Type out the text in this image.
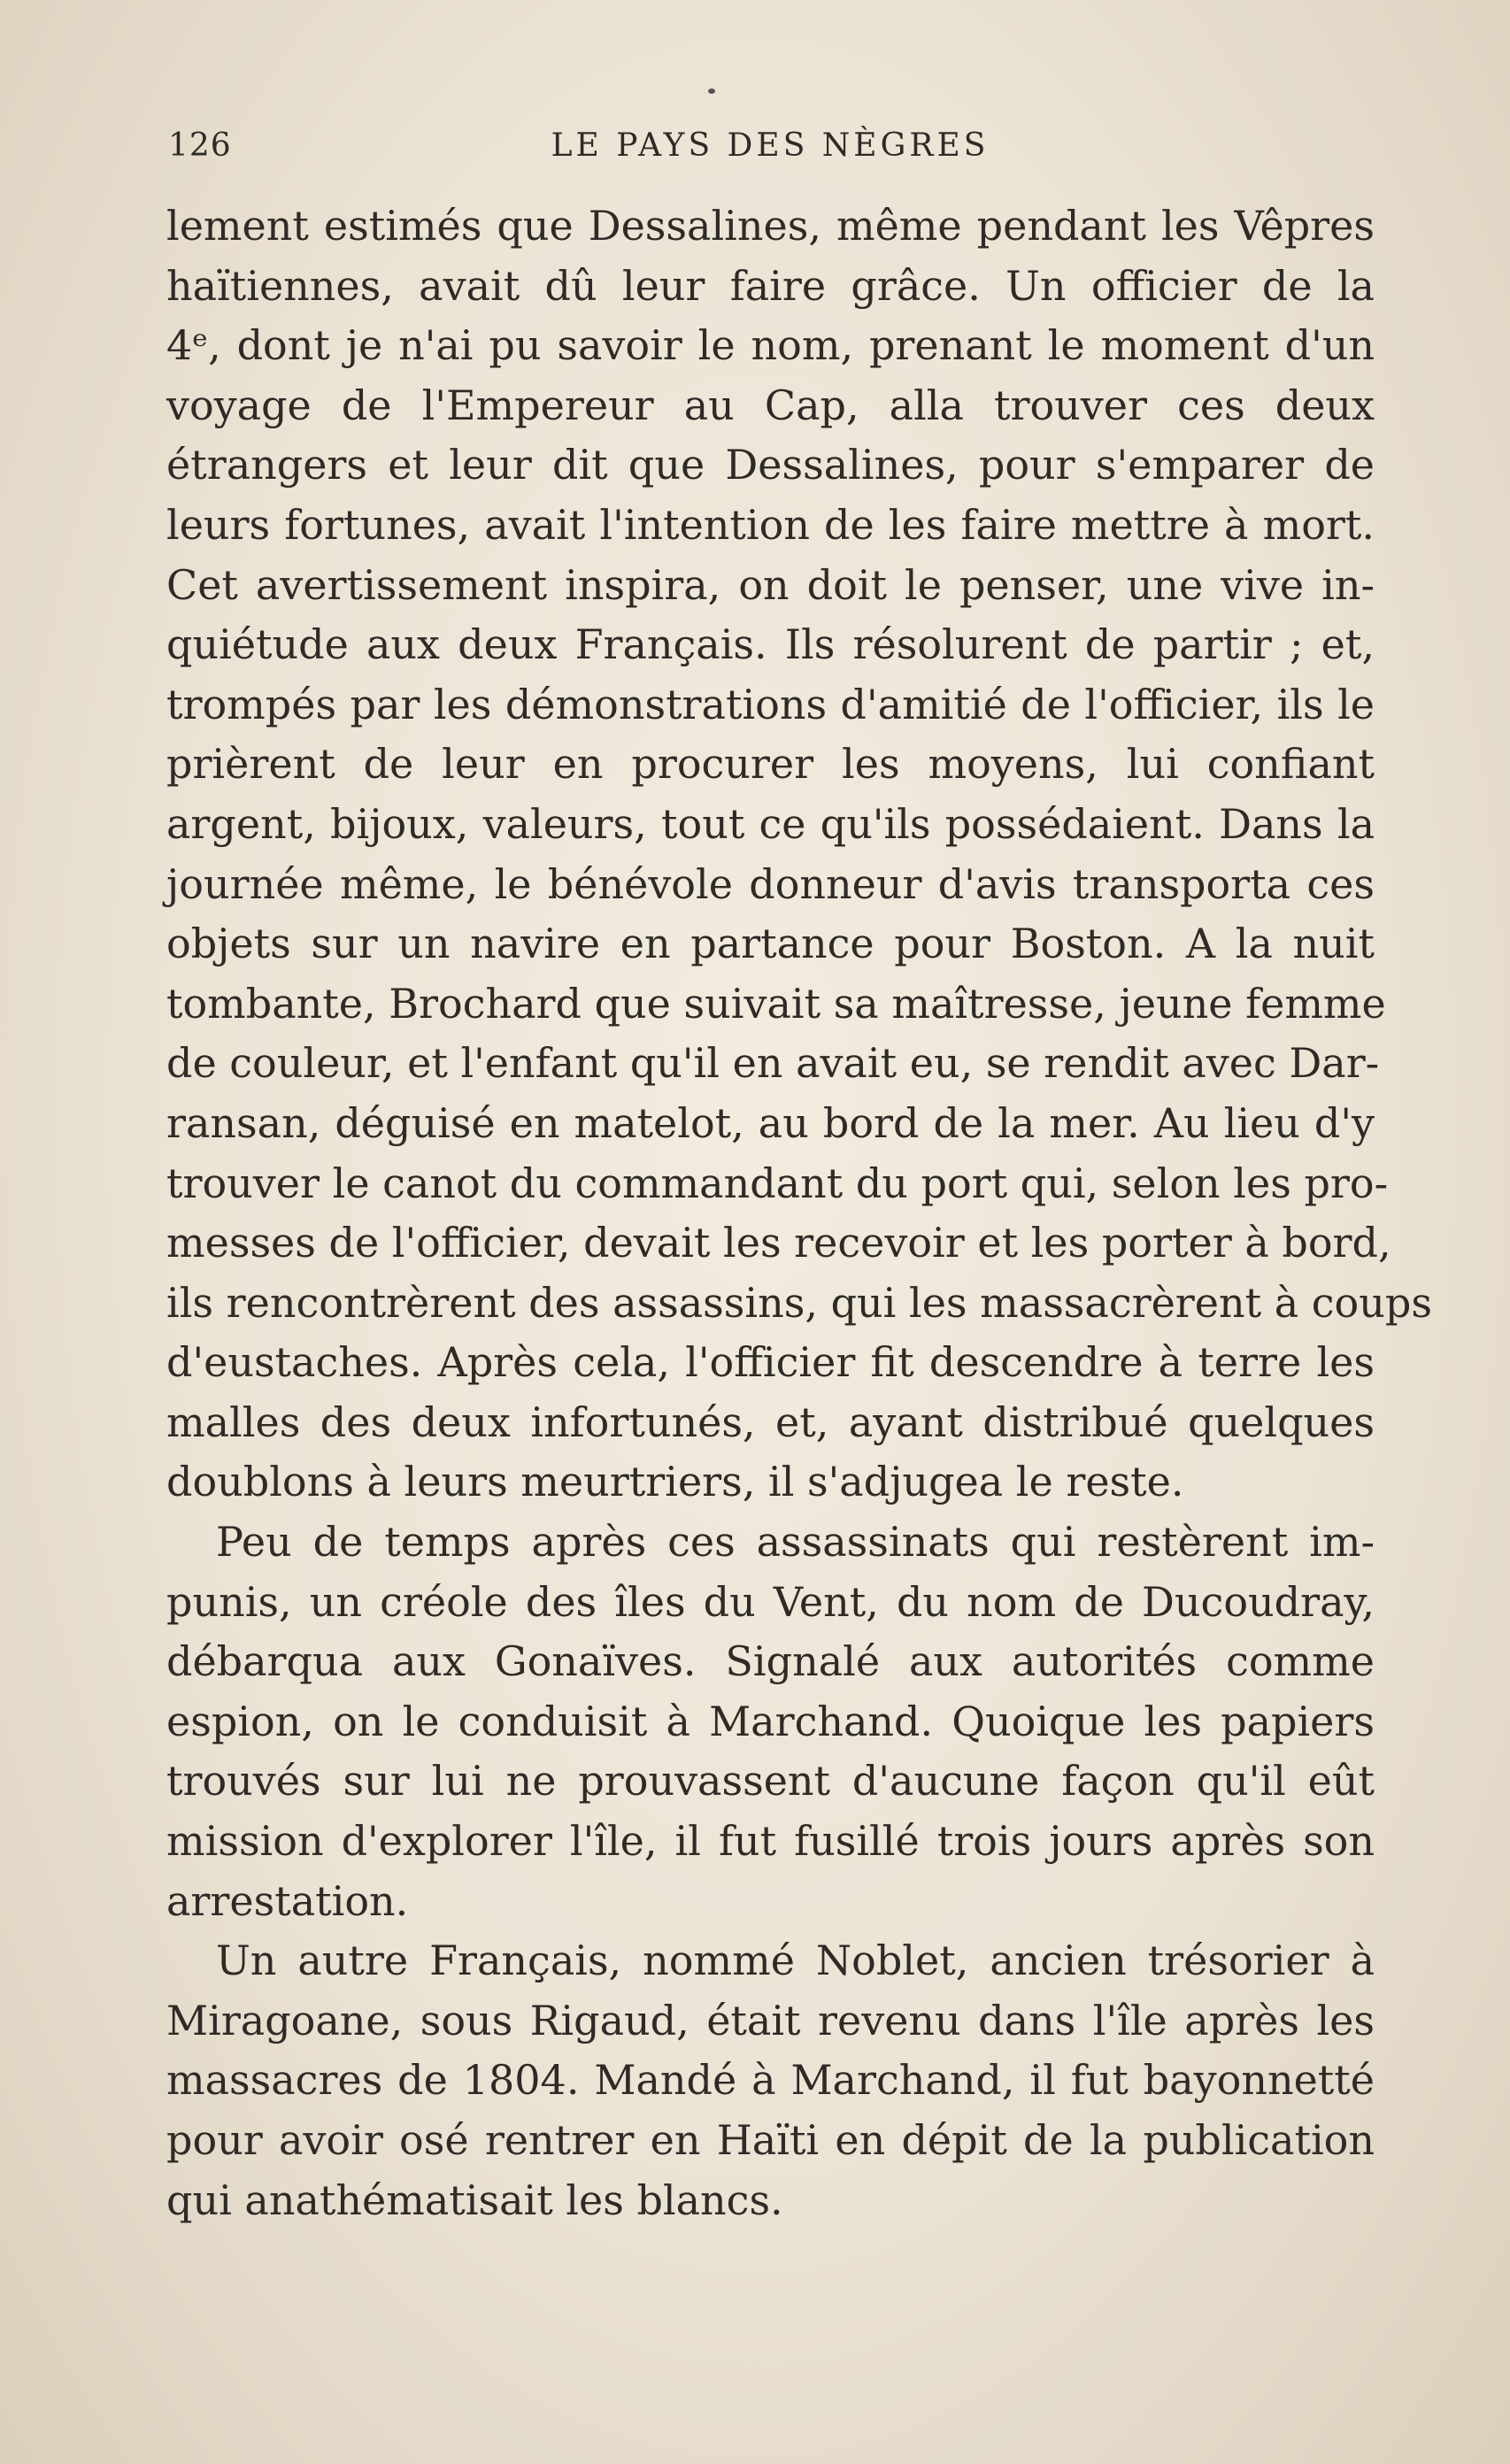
126	LE PAYS DES NÈGRES
lement estimés que Dessalines, même pendant les Vêpres
haïtiennes, avait dû leur faire grâce. Un officier de la
4ᵉ, dont je n'ai pu savoir le nom, prenant le moment d'un
voyage de l'Empereur au Cap, alla trouver ces deux
étrangers et leur dit que Dessalines, pour s'emparer de
leurs fortunes, avait l'intention de les faire mettre à mort.
Cet avertissement inspira, on doit le penser, une vive in-
quiétude aux deux Français. Ils résolurent de partir ; et,
trompés par les démonstrations d'amitié de l'officier, ils le
prièrent de leur en procurer les moyens, lui confiant
argent, bijoux, valeurs, tout ce qu'ils possédaient. Dans la
journée même, le bénévole donneur d'avis transporta ces
objets sur un navire en partance pour Boston. A la nuit
tombante, Brochard que suivait sa maîtresse, jeune femme
de couleur, et l'enfant qu'il en avait eu, se rendit avec Dar-
ransan, déguisé en matelot, au bord de la mer. Au lieu d'y
trouver le canot du commandant du port qui, selon les pro-
messes de l'officier, devait les recevoir et les porter à bord,
ils rencontrèrent des assassins, qui les massacrèrent à coups
d'eustaches. Après cela, l'officier fit descendre à terre les
malles des deux infortunés, et, ayant distribué quelques
doublons à leurs meurtriers, il s'adjugea le reste.
Peu de temps après ces assassinats qui restèrent im-
punis, un créole des îles du Vent, du nom de Ducoudray,
débarqua aux Gonaïves. Signalé aux autorités comme
espion, on le conduisit à Marchand. Quoique les papiers
trouvés sur lui ne prouvassent d'aucune façon qu'il eût
mission d'explorer l'île, il fut fusillé trois jours après son
arrestation.
Un autre Français, nommé Noblet, ancien trésorier à
Miragoane, sous Rigaud, était revenu dans l'île après les
massacres de 1804. Mandé à Marchand, il fut bayonnetté
pour avoir osé rentrer en Haïti en dépit de la publication
qui anathématisait les blancs.
